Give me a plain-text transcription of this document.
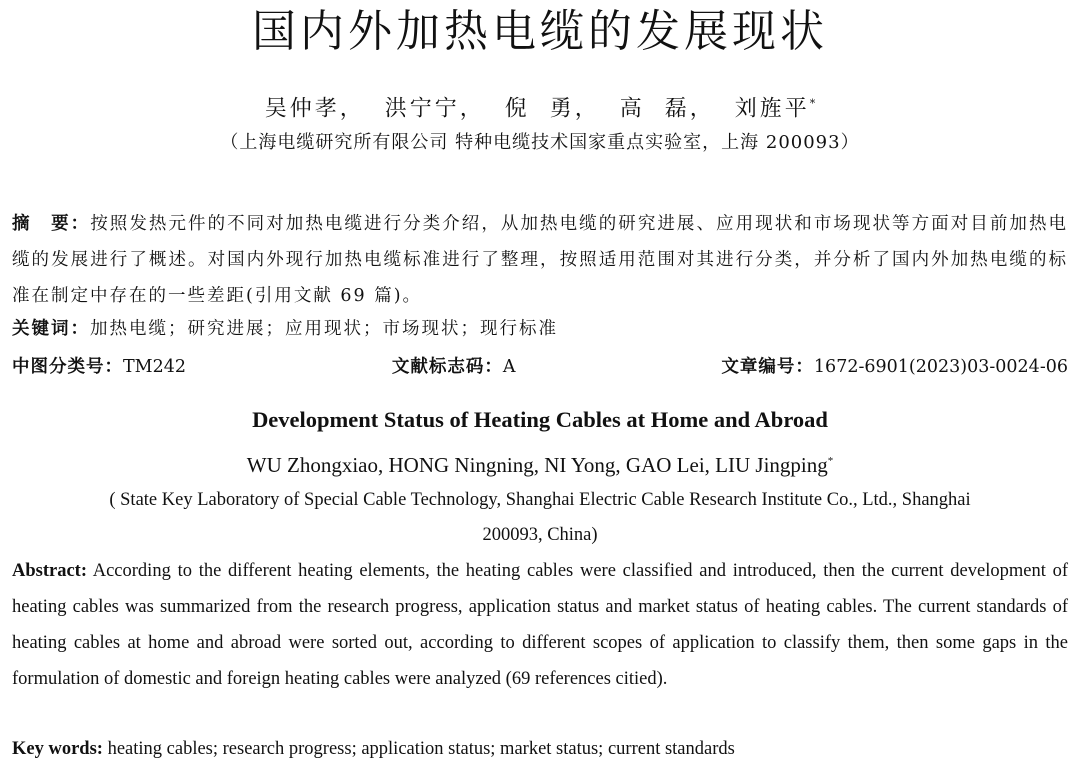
国内外加热电缆的发展现状
吴仲孝， 洪宁宁， 倪 勇， 高 磊， 刘旌平*
（上海电缆研究所有限公司 特种电缆技术国家重点实验室，上海 200093）
摘　要：按照发热元件的不同对加热电缆进行分类介绍，从加热电缆的研究进展、应用现状和市场现状等方面对目前加热电缆的发展进行了概述。对国内外现行加热电缆标准进行了整理，按照适用范围对其进行分类，并分析了国内外加热电缆的标准在制定中存在的一些差距(引用文献 69 篇)。
关键词：加热电缆；研究进展；应用现状；市场现状；现行标准
中图分类号：TM242	文献标志码：A	文章编号：1672-6901(2023)03-0024-06
Development Status of Heating Cables at Home and Abroad
WU Zhongxiao, HONG Ningning, NI Yong, GAO Lei, LIU Jingping*
( State Key Laboratory of Special Cable Technology, Shanghai Electric Cable Research Institute Co., Ltd., Shanghai 200093, China)
Abstract: According to the different heating elements, the heating cables were classified and introduced, then the current development of heating cables was summarized from the research progress, application status and market status of heating cables. The current standards of heating cables at home and abroad were sorted out, according to different scopes of application to classify them, then some gaps in the formulation of domestic and foreign heating cables were analyzed (69 references citied).
Key words: heating cables; research progress; application status; market status; current standards
